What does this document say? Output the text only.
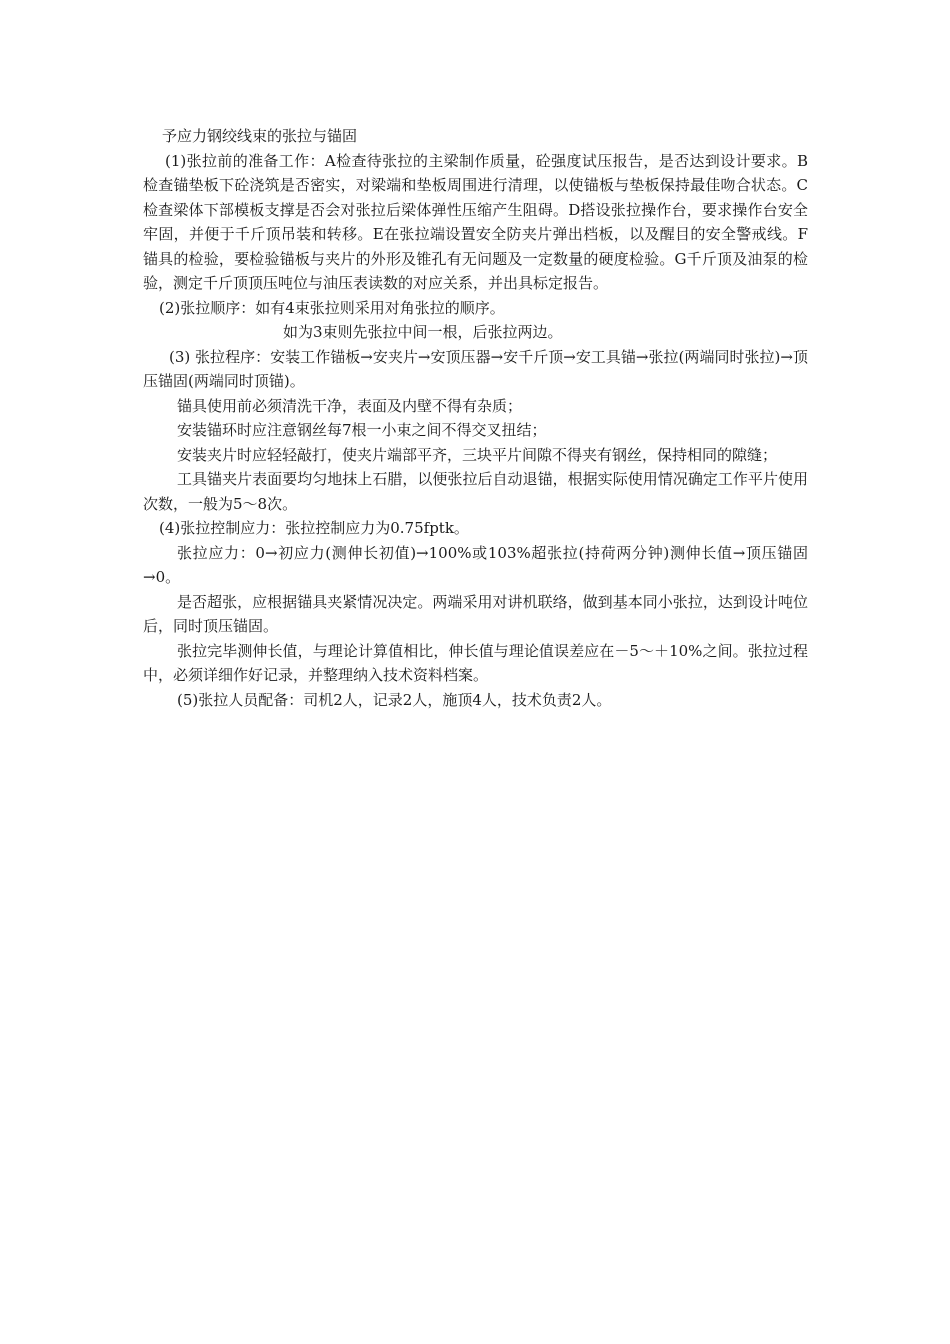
予应力钢绞线束的张拉与锚固

(1)张拉前的准备工作：A检查待张拉的主梁制作质量，砼强度试压报告，是否达到设计要求。B检查锚垫板下砼浇筑是否密实，对梁端和垫板周围进行清理，以使锚板与垫板保持最佳吻合状态。C检查梁体下部模板支撑是否会对张拉后梁体弹性压缩产生阻碍。D搭设张拉操作台，要求操作台安全牢固，并便于千斤顶吊装和转移。E在张拉端设置安全防夹片弹出档板，以及醒目的安全警戒线。F锚具的检验，要检验锚板与夹片的外形及锥孔有无问题及一定数量的硬度检验。G千斤顶及油泵的检验，测定千斤顶顶压吨位与油压表读数的对应关系，并出具标定报告。

(2)张拉顺序：如有4束张拉则采用对角张拉的顺序。

如为3束则先张拉中间一根，后张拉两边。

(3) 张拉程序：安装工作锚板→安夹片→安顶压器→安千斤顶→安工具锚→张拉(两端同时张拉)→顶压锚固(两端同时顶锚)。

锚具使用前必须清洗干净，表面及内壁不得有杂质；

安装锚环时应注意钢丝每7根一小束之间不得交叉扭结；

安装夹片时应轻轻敲打，使夹片端部平齐，三块平片间隙不得夹有钢丝，保持相同的隙缝；

工具锚夹片表面要均匀地抹上石腊，以便张拉后自动退锚，根据实际使用情况确定工作平片使用次数，一般为5～8次。

(4)张拉控制应力：张拉控制应力为0.75fptk。

张拉应力：0→初应力(测伸长初值)→100%或103%超张拉(持荷两分钟)测伸长值→顶压锚固→0。

是否超张，应根据锚具夹紧情况决定。两端采用对讲机联络，做到基本同小张拉，达到设计吨位后，同时顶压锚固。

张拉完毕测伸长值，与理论计算值相比，伸长值与理论值误差应在－5～＋10%之间。张拉过程中，必须详细作好记录，并整理纳入技术资料档案。

(5)张拉人员配备：司机2人，记录2人，施顶4人，技术负责2人。
